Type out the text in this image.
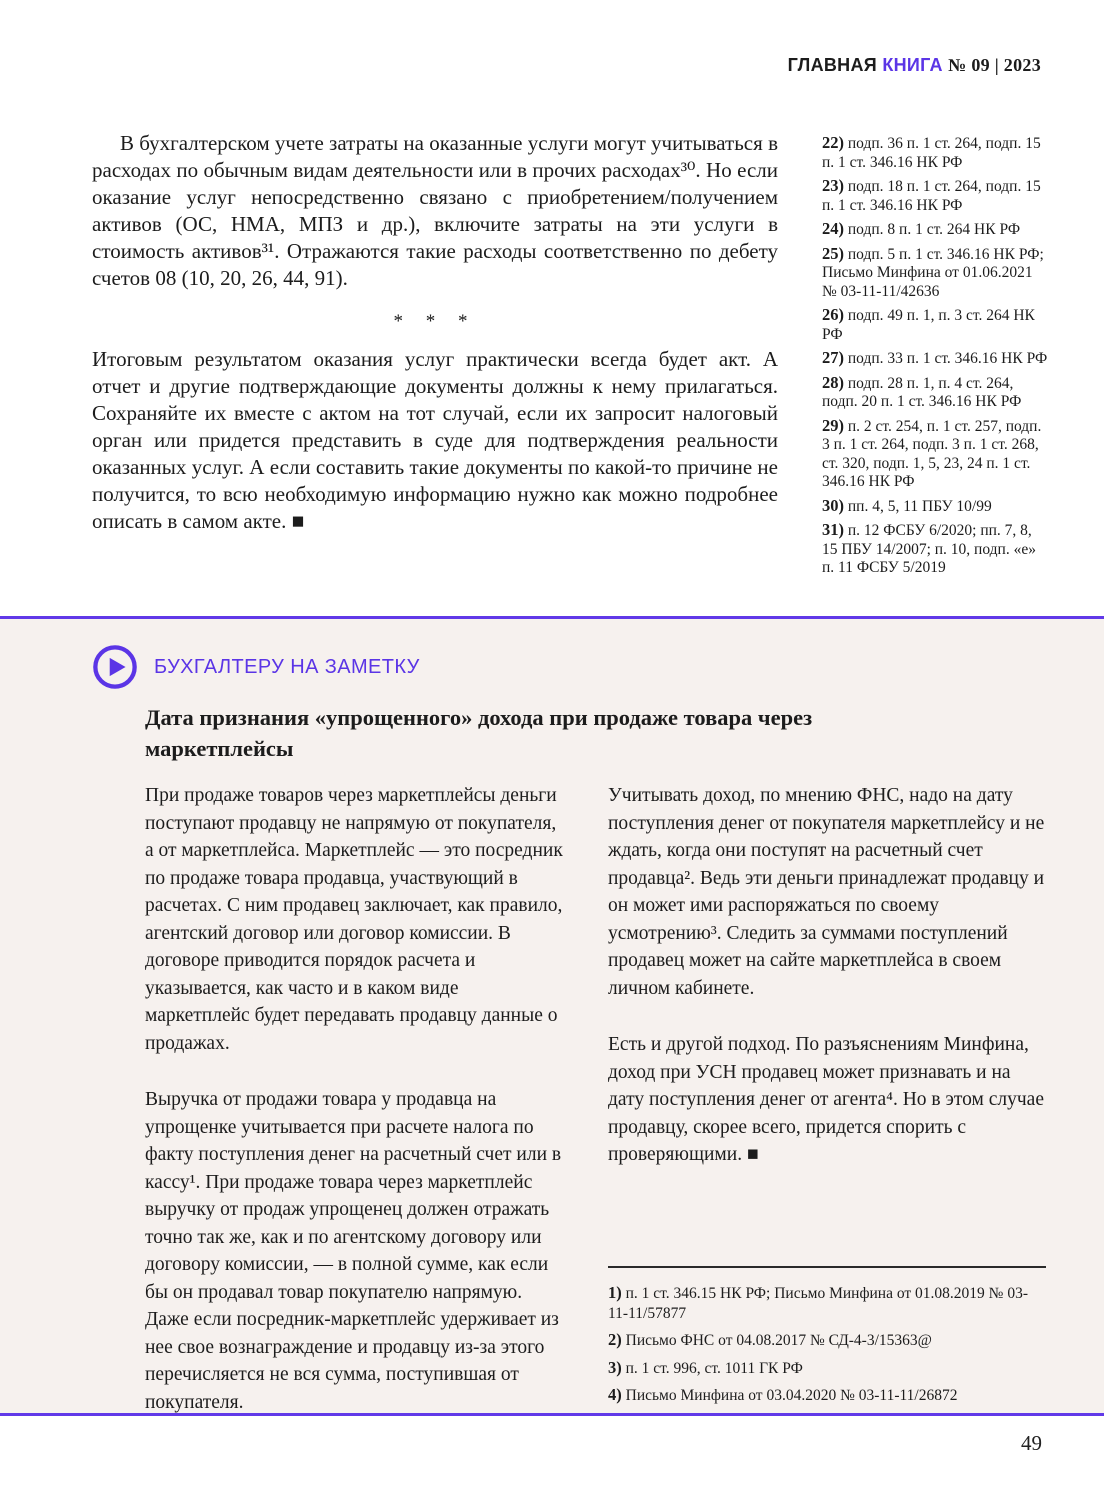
ГЛАВНАЯ КНИГА № 09 | 2023

В бухгалтерском учете затраты на оказанные услуги могут учитываться в расходах по обычным видам деятельности или в прочих расходах³⁰. Но если оказание услуг непосредственно связано с приобретением/получением активов (ОС, НМА, МПЗ и др.), включите затраты на эти услуги в стоимость активов³¹. Отражаются такие расходы соответственно по дебету счетов 08 (10, 20, 26, 44, 91).

* * *

Итоговым результатом оказания услуг практически всегда будет акт. А отчет и другие подтверждающие документы должны к нему прилагаться. Сохраняйте их вместе с актом на тот случай, если их запросит налоговый орган или придется представить в суде для подтверждения реальности оказанных услуг. А если составить такие документы по какой-то причине не получится, то всю необходимую информацию нужно как можно подробнее описать в самом акте. ■

22) подп. 36 п. 1 ст. 264, подп. 15 п. 1 ст. 346.16 НК РФ
23) подп. 18 п. 1 ст. 264, подп. 15 п. 1 ст. 346.16 НК РФ
24) подп. 8 п. 1 ст. 264 НК РФ
25) подп. 5 п. 1 ст. 346.16 НК РФ; Письмо Минфина от 01.06.2021 № 03-11-11/42636
26) подп. 49 п. 1, п. 3 ст. 264 НК РФ
27) подп. 33 п. 1 ст. 346.16 НК РФ
28) подп. 28 п. 1, п. 4 ст. 264, подп. 20 п. 1 ст. 346.16 НК РФ
29) п. 2 ст. 254, п. 1 ст. 257, подп. 3 п. 1 ст. 264, подп. 3 п. 1 ст. 268, ст. 320, подп. 1, 5, 23, 24 п. 1 ст. 346.16 НК РФ
30) пп. 4, 5, 11 ПБУ 10/99
31) п. 12 ФСБУ 6/2020; пп. 7, 8, 15 ПБУ 14/2007; п. 10, подп. «е» п. 11 ФСБУ 5/2019
БУХГАЛТЕРУ НА ЗАМЕТКУ
Дата признания «упрощенного» дохода при продаже товара через маркетплейсы

При продаже товаров через маркетплейсы деньги поступают продавцу не напрямую от покупателя, а от маркетплейса. Маркетплейс — это посредник по продаже товара продавца, участвующий в расчетах. С ним продавец заключает, как правило, агентский договор или договор комиссии. В договоре приводится порядок расчета и указывается, как часто и в каком виде маркетплейс будет передавать продавцу данные о продажах.

Выручка от продажи товара у продавца на упрощенке учитывается при расчете налога по факту поступления денег на расчетный счет или в кассу¹. При продаже товара через маркетплейс выручку от продаж упрощенец должен отражать точно так же, как и по агентскому договору или договору комиссии, — в полной сумме, как если бы он продавал товар покупателю напрямую. Даже если посредник-маркетплейс удерживает из нее свое вознаграждение и продавцу из-за этого перечисляется не вся сумма, поступившая от покупателя.

Учитывать доход, по мнению ФНС, надо на дату поступления денег от покупателя маркетплейсу и не ждать, когда они поступят на расчетный счет продавца². Ведь эти деньги принадлежат продавцу и он может ими распоряжаться по своему усмотрению³. Следить за суммами поступлений продавец может на сайте маркетплейса в своем личном кабинете.

Есть и другой подход. По разъяснениям Минфина, доход при УСН продавец может признавать и на дату поступления денег от агента⁴. Но в этом случае продавцу, скорее всего, придется спорить с проверяющими. ■

1) п. 1 ст. 346.15 НК РФ; Письмо Минфина от 01.08.2019 № 03-11-11/57877
2) Письмо ФНС от 04.08.2017 № СД-4-3/15363@
3) п. 1 ст. 996, ст. 1011 ГК РФ
4) Письмо Минфина от 03.04.2020 № 03-11-11/26872
49
